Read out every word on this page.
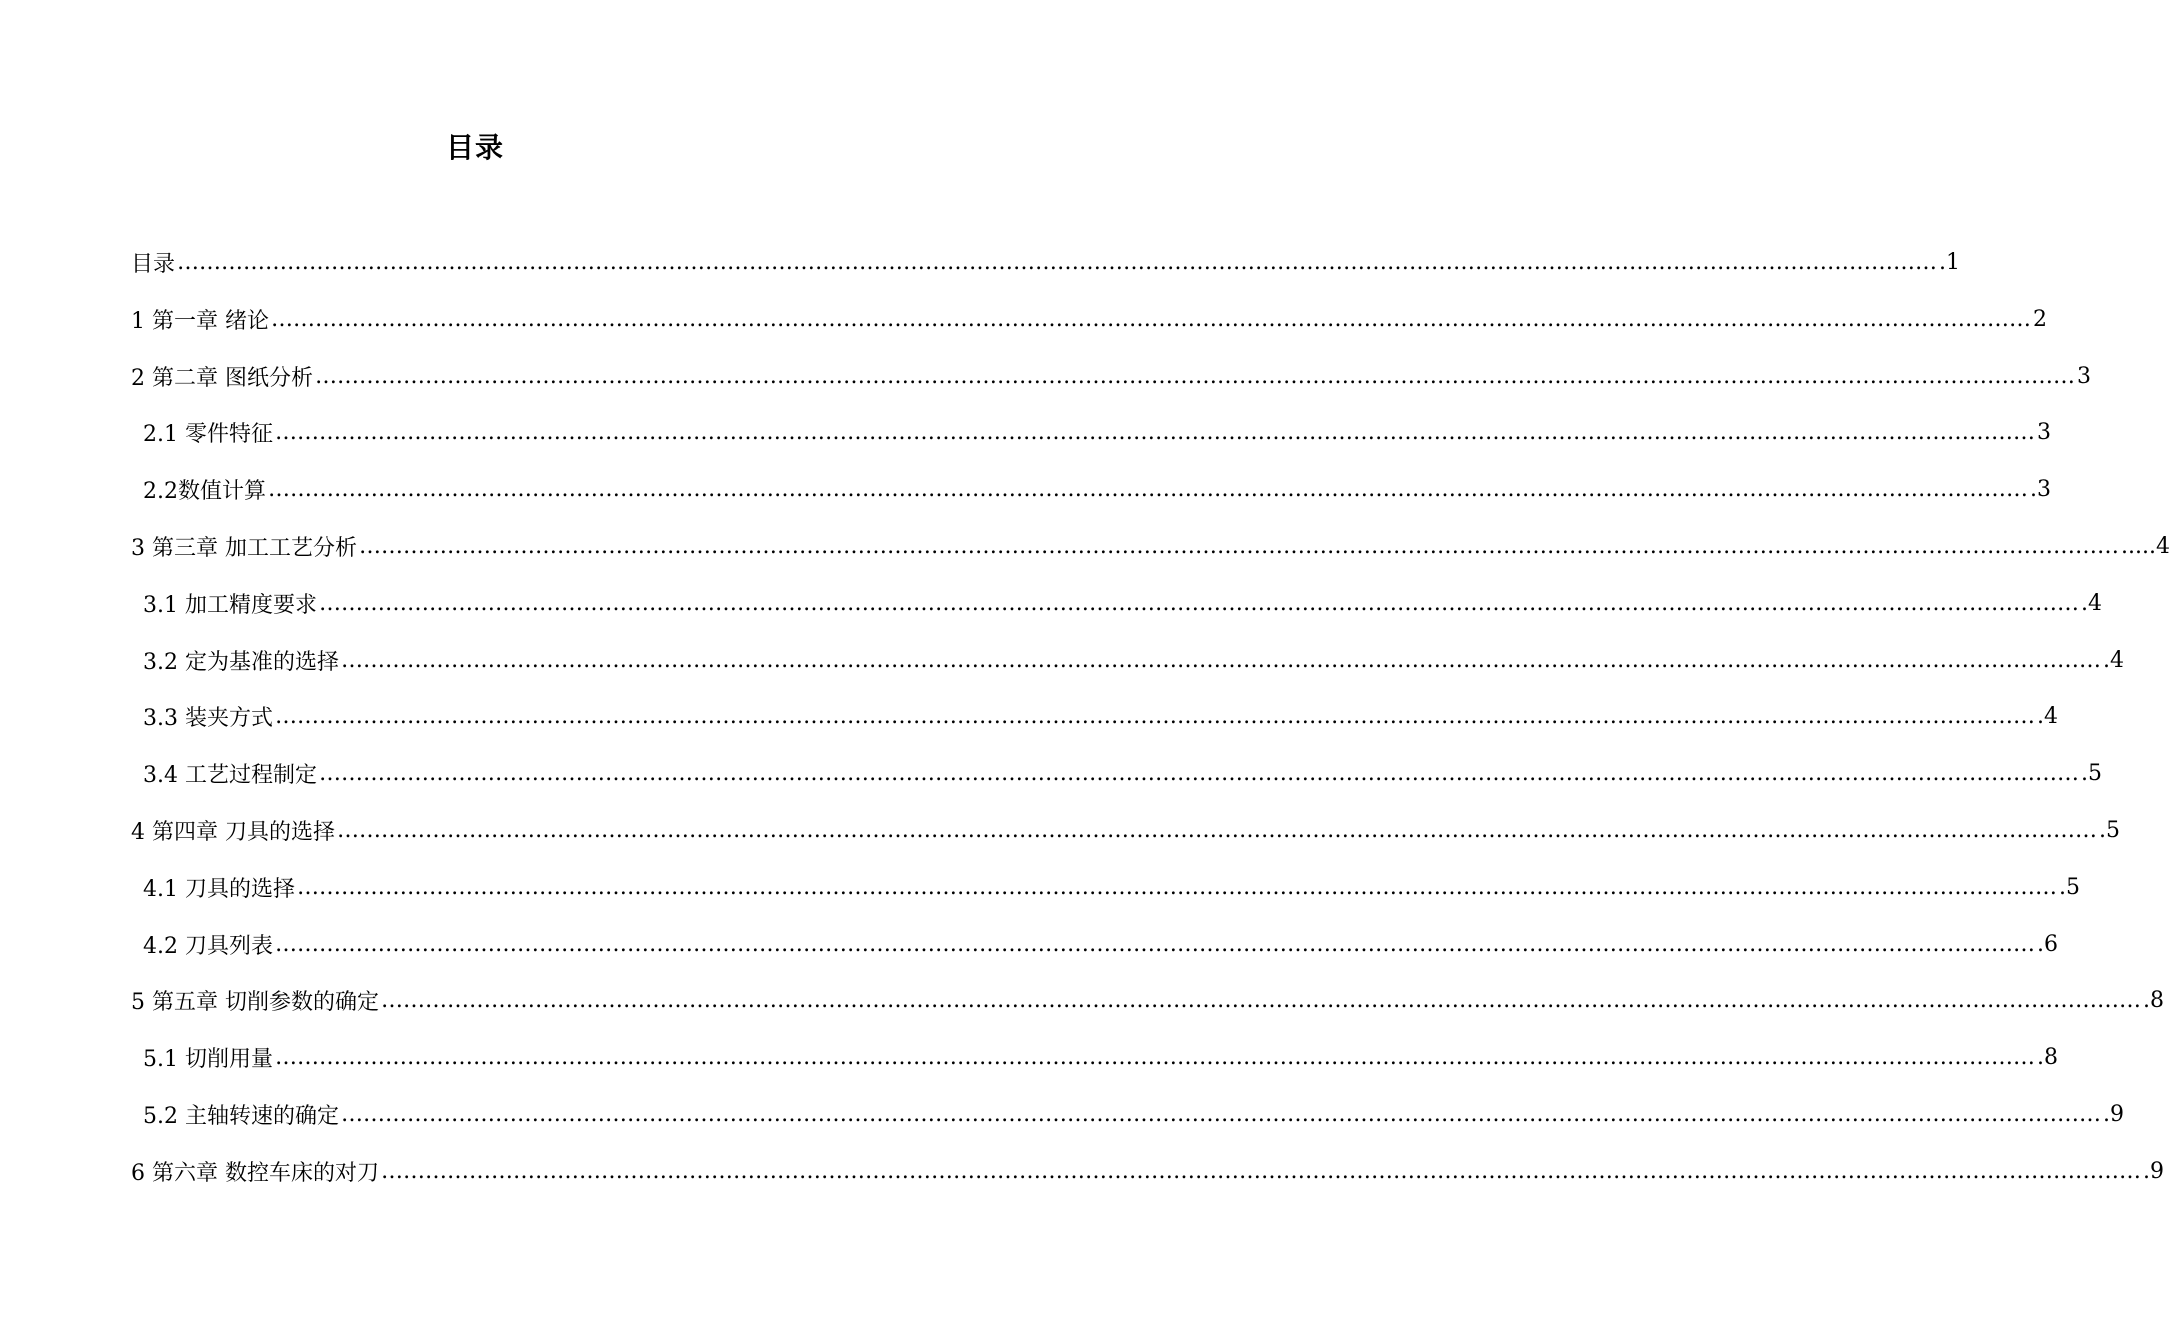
目录
目录 …………………………………………………………………………………………………………………………………………………………………………………………………………………… .1
1 第一章 绪论 …………………………………………………………………………………………………………………………………………………………………………………………………………………… 2
2 第二章 图纸分析 …………………………………………………………………………………………………………………………………………………………………………………………………………………… 3
2.1 零件特征 …………………………………………………………………………………………………………………………………………………………………………………………………………………… 3
2.2数值计算 …………………………………………………………………………………………………………………………………………………………………………………………………………………… .3
3 第三章 加工工艺分析 …………………………………………………………………………………………………………………………………………………………………………………………………………………… .....4
3.1 加工精度要求 …………………………………………………………………………………………………………………………………………………………………………………………………………………… .4
3.2 定为基准的选择 …………………………………………………………………………………………………………………………………………………………………………………………………………………… .4
3.3 装夹方式 …………………………………………………………………………………………………………………………………………………………………………………………………………………… .4
3.4 工艺过程制定 …………………………………………………………………………………………………………………………………………………………………………………………………………………… .5
4 第四章 刀具的选择 …………………………………………………………………………………………………………………………………………………………………………………………………………………… .5
4.1 刀具的选择 …………………………………………………………………………………………………………………………………………………………………………………………………………………… .5
4.2 刀具列表 …………………………………………………………………………………………………………………………………………………………………………………………………………………… .6
5 第五章 切削参数的确定 …………………………………………………………………………………………………………………………………………………………………………………………………………………… .8
5.1 切削用量 …………………………………………………………………………………………………………………………………………………………………………………………………………………… .8
5.2 主轴转速的确定 …………………………………………………………………………………………………………………………………………………………………………………………………………………… .9
6 第六章 数控车床的对刀 …………………………………………………………………………………………………………………………………………………………………………………………………………………… .9
